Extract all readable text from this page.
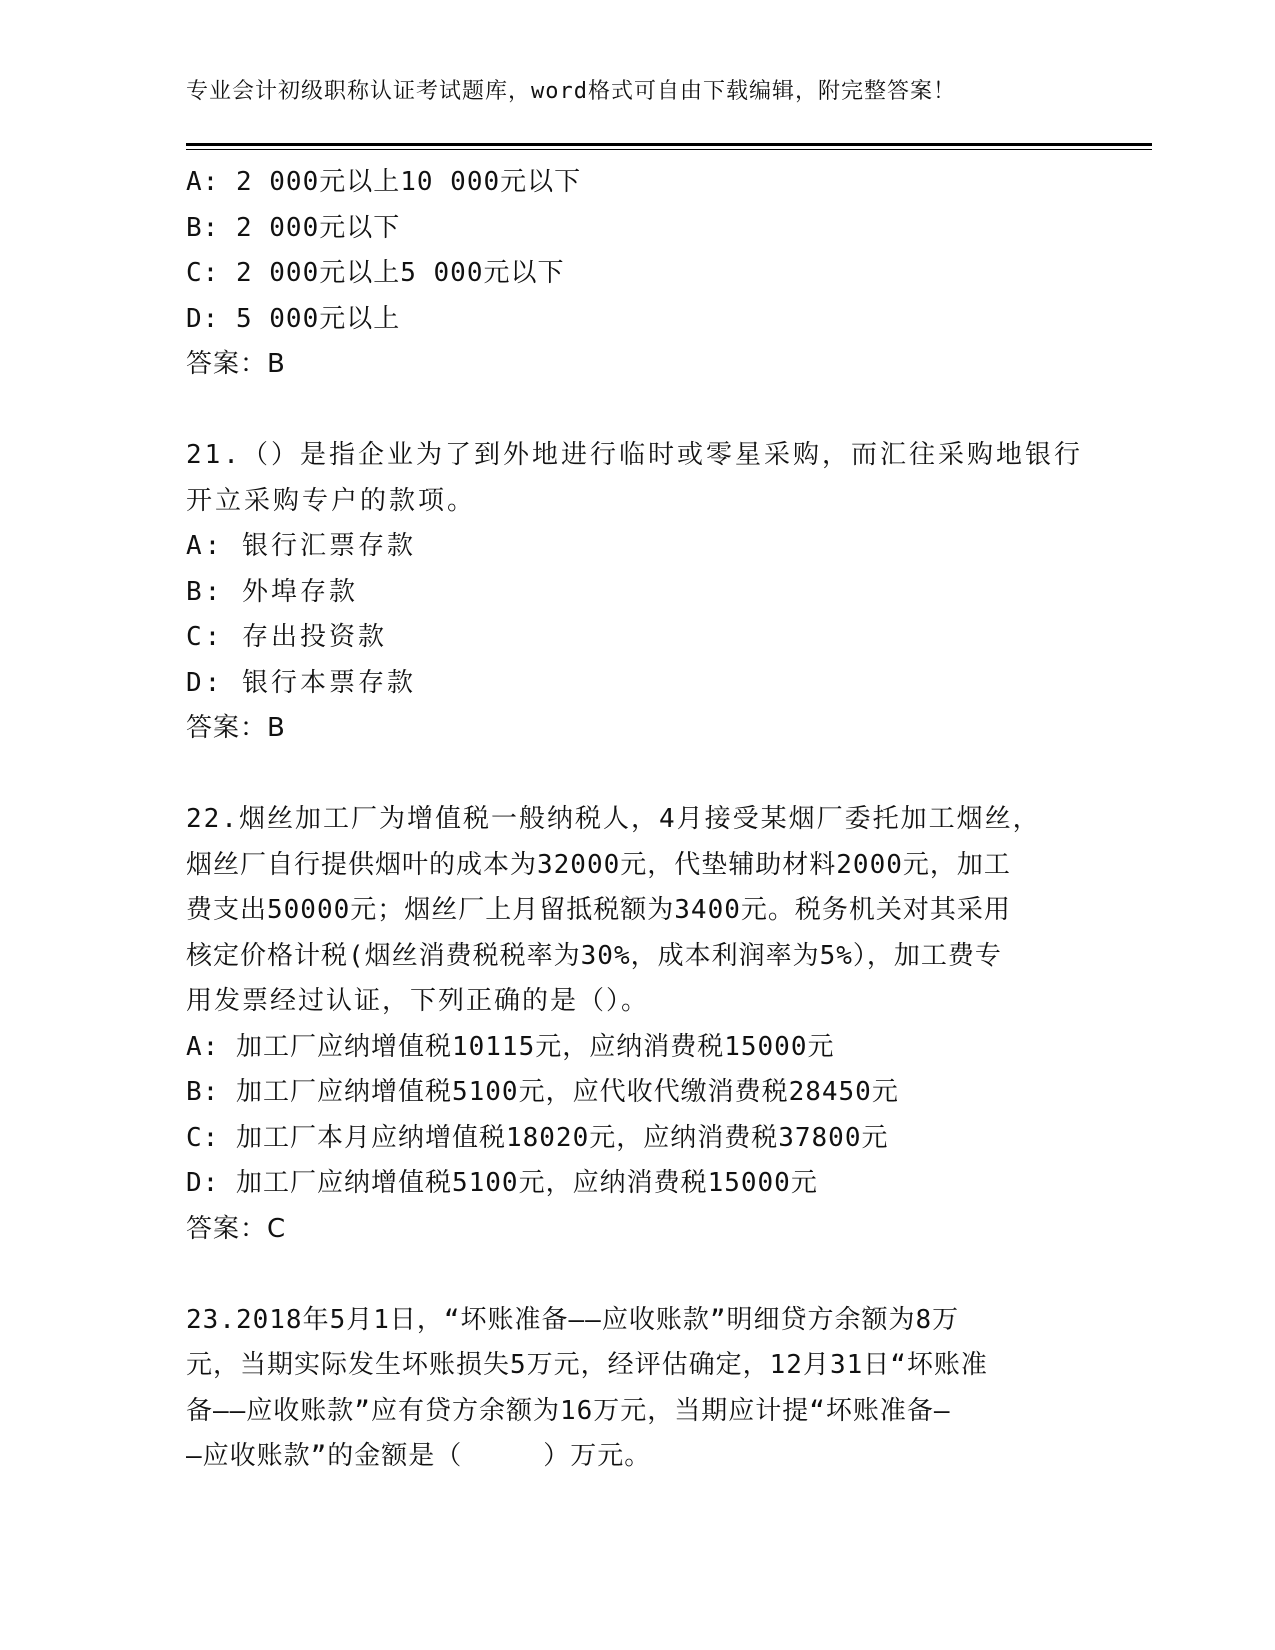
专业会计初级职称认证考试题库，word格式可自由下载编辑，附完整答案！
A: 2 000元以上10 000元以下
B: 2 000元以下
C: 2 000元以上5 000元以下
D: 5 000元以上
答案：B
21.（）是指企业为了到外地进行临时或零星采购，而汇往采购地银行
开立采购专户的款项。
A: 银行汇票存款
B: 外埠存款
C: 存出投资款
D: 银行本票存款
答案：B
22.烟丝加工厂为增值税一般纳税人，4月接受某烟厂委托加工烟丝，
烟丝厂自行提供烟叶的成本为32000元，代垫辅助材料2000元，加工
费支出50000元；烟丝厂上月留抵税额为3400元。税务机关对其采用
核定价格计税(烟丝消费税税率为30%，成本利润率为5%），加工费专
用发票经过认证，下列正确的是（）。
A: 加工厂应纳增值税10115元，应纳消费税15000元
B: 加工厂应纳增值税5100元，应代收代缴消费税28450元
C: 加工厂本月应纳增值税18020元，应纳消费税37800元
D: 加工厂应纳增值税5100元，应纳消费税15000元
答案：C
23.2018年5月1日，“坏账准备——应收账款”明细贷方余额为8万
元，当期实际发生坏账损失5万元，经评估确定，12月31日“坏账准
备——应收账款”应有贷方余额为16万元，当期应计提“坏账准备—
—应收账款”的金额是（　　　）万元。
